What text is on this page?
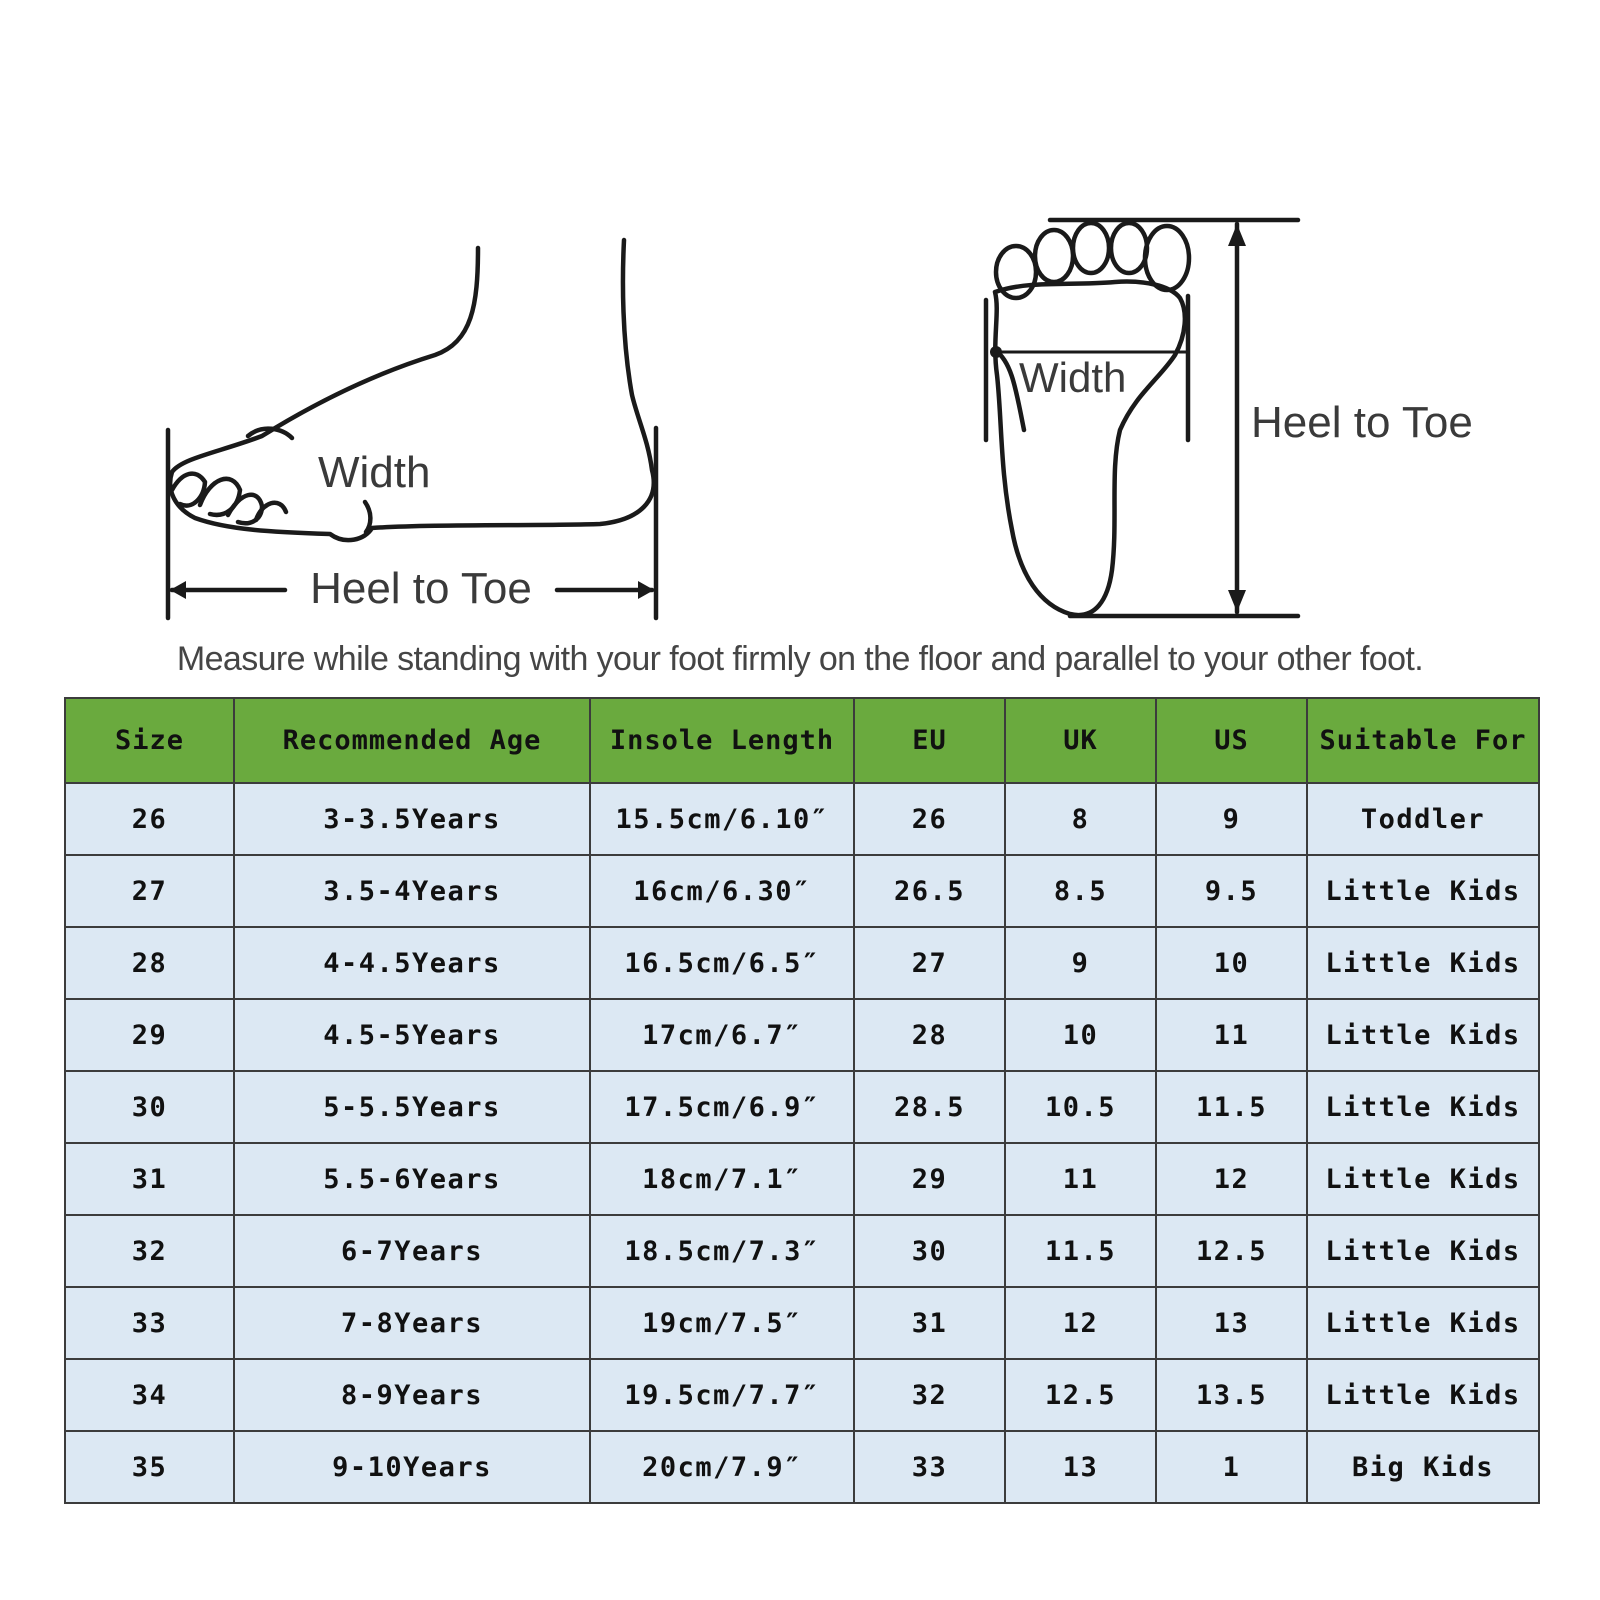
Width
Heel to Toe
Width
Heel to Toe
Measure while standing with your foot firmly on the floor and parallel to your other foot.
Size	Recommended Age	Insole Length	EU	UK	US	Suitable For
26	3-3.5Years	15.5cm/6.10″	26	8	9	Toddler
27	3.5-4Years	16cm/6.30″	26.5	8.5	9.5	Little Kids
28	4-4.5Years	16.5cm/6.5″	27	9	10	Little Kids
29	4.5-5Years	17cm/6.7″	28	10	11	Little Kids
30	5-5.5Years	17.5cm/6.9″	28.5	10.5	11.5	Little Kids
31	5.5-6Years	18cm/7.1″	29	11	12	Little Kids
32	6-7Years	18.5cm/7.3″	30	11.5	12.5	Little Kids
33	7-8Years	19cm/7.5″	31	12	13	Little Kids
34	8-9Years	19.5cm/7.7″	32	12.5	13.5	Little Kids
35	9-10Years	20cm/7.9″	33	13	1	Big Kids
